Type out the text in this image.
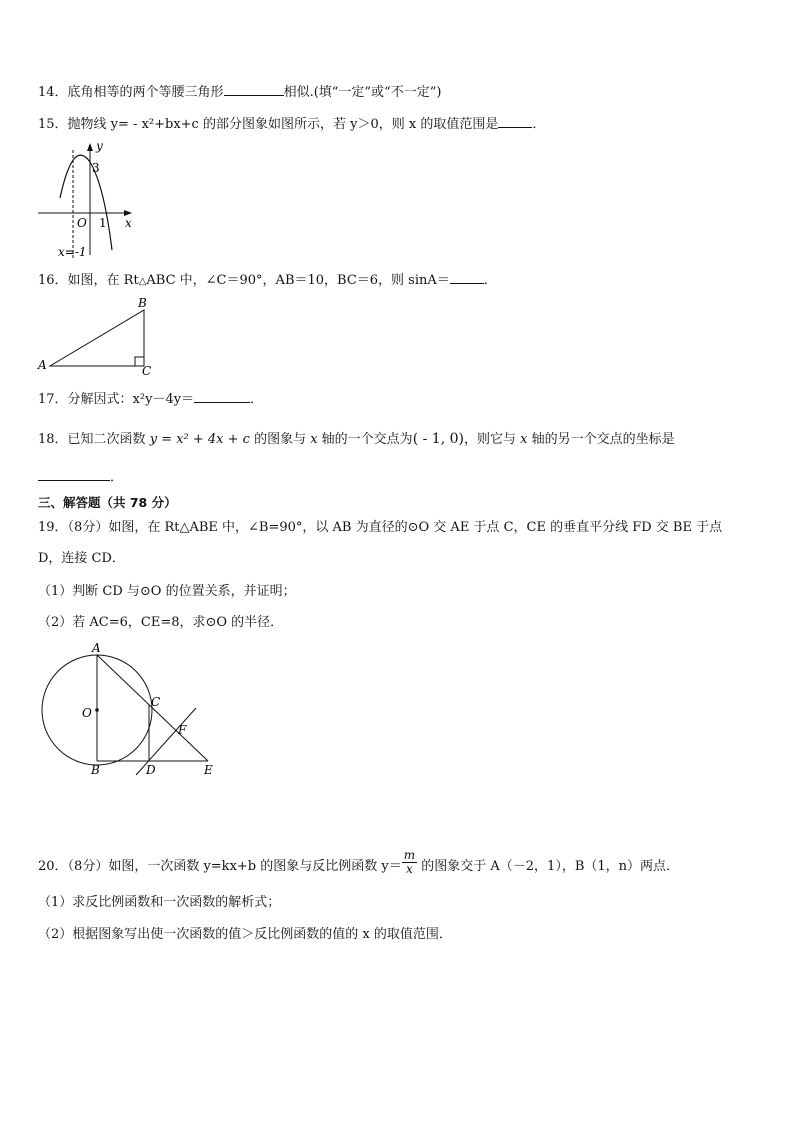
14．底角相等的两个等腰三角形	相似.(填“一定”或“不一定”)
15．抛物线 y= - x²+bx+c 的部分图象如图所示，若 y＞0，则 x 的取值范围是	．
y
x
O
3
1
x=-1
16．如图，在 Rt△ABC 中，∠C＝90°，AB＝10，BC＝6，则 sinA＝	．
A
B
C
17．分解因式：x²y－4y＝	．
18．已知二次函数 y = x² + 4x + c 的图象与 x 轴的一个交点为( - 1, 0)，则它与 x 轴的另一个交点的坐标是
．
三、解答题（共 78 分）
19．（8分）如图，在 Rt△ABE 中，∠B=90°，以 AB 为直径的⊙O 交 AE 于点 C，CE 的垂直平分线 FD 交 BE 于点
D，连接 CD．
（1）判断 CD 与⊙O 的位置关系，并证明；
（2）若 AC=6，CE=8，求⊙O 的半径．
A
O
C
F
B	D	E
20．（8分）如图，一次函数 y=kx+b 的图象与反比例函数 $y= \frac{m}{x}$ 的图象交于 A（－2，1），B（1，n）两点．
（1）求反比例函数和一次函数的解析式；
（2）根据图象写出使一次函数的值＞反比例函数的值的 x 的取值范围．
